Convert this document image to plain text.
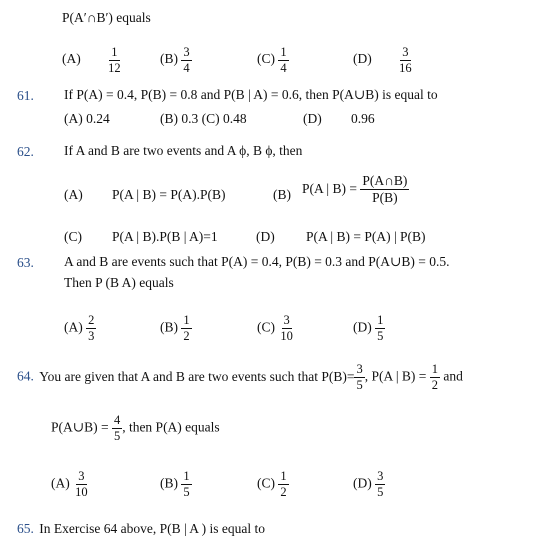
P(A′∩B′) equals
$(A) \frac{1}{12}$	$(B) \frac{3}{4}$	$(C) \frac{1}{4}$	$(D) \frac{3}{16}$
61. If P(A) = 0.4, P(B) = 0.8 and P(B | A) = 0.6, then P(A∪B) is equal to
(A) 0.24	(B) 0.3 (C) 0.48	(D) 0.96
62. If A and B are two events and A ϕ, B ϕ, then
(A) P(A | B) = P(A).P(B)	(B) P(A | $B) = \frac{P(A\cap B)}{P(B)}$
(C) P(A | B).P(B | A)=1	(D) P(A | B) = P(A) | P(B)
63. A and B are events such that P(A) = 0.4, P(B) = 0.3 and P(A∪B) = 0.5.
Then P (B A) equals
$(A) \frac{2}{3}$	$(B) \frac{1}{2}$	$(C) \frac{3}{10}$	$(D) \frac{1}{5}$
64. You are given that A and B are two events such that $P(B)= \frac{3}{5}$ , P(A | $B) = \frac{1}{2}$ and
P(A∪B) = $\frac{4}{5}$ , then P(A) equals
$(A) \frac{3}{10}$	$(B) \frac{1}{5}$	$(C) \frac{1}{2}$	$(D) \frac{3}{5}$
65. In Exercise 64 above, P(B | A ) is equal to
